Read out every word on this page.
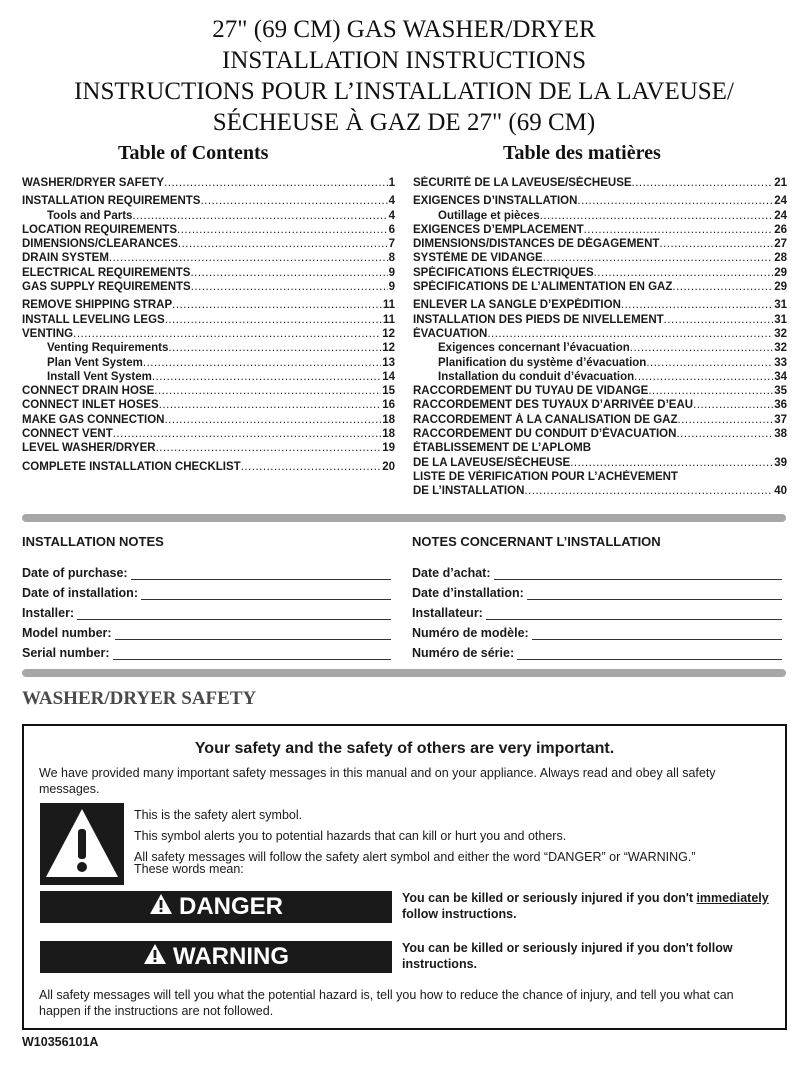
27" (69 CM) GAS WASHER/DRYER
INSTALLATION INSTRUCTIONS
INSTRUCTIONS POUR L’INSTALLATION DE LA LAVEUSE/
SÉCHEUSE À GAZ DE 27" (69 CM)
Table of Contents	Table des matières
WASHER/DRYER SAFETY .....	1
INSTALLATION REQUIREMENTS .....	4
Tools and Parts .....	4
LOCATION REQUIREMENTS .....	6
DIMENSIONS/CLEARANCES .....	7
DRAIN SYSTEM .....	8
ELECTRICAL REQUIREMENTS .....	9
GAS SUPPLY REQUIREMENTS .....	9
REMOVE SHIPPING STRAP .....	11
INSTALL LEVELING LEGS .....	11
VENTING .....	12
Venting Requirements .....	12
Plan Vent System .....	13
Install Vent System .....	14
CONNECT DRAIN HOSE .....	15
CONNECT INLET HOSES .....	16
MAKE GAS CONNECTION .....	18
CONNECT VENT .....	18
LEVEL WASHER/DRYER .....	19
COMPLETE INSTALLATION CHECKLIST .....	20
SÉCURITÉ DE LA LAVEUSE/SÉCHEUSE .....	21
EXIGENCES D’INSTALLATION .....	24
Outillage et pièces .....	24
EXIGENCES D’EMPLACEMENT .....	26
DIMENSIONS/DISTANCES DE DÉGAGEMENT .....	27
SYSTÈME DE VIDANGE .....	28
SPÉCIFICATIONS ÉLECTRIQUES .....	29
SPÉCIFICATIONS DE L’ALIMENTATION EN GAZ .....	29
ENLEVER LA SANGLE D’EXPÉDITION .....	31
INSTALLATION DES PIEDS DE NIVELLEMENT .....	31
ÉVACUATION .....	32
Exigences concernant l’évacuation .....	32
Planification du système d’évacuation .....	33
Installation du conduit d’évacuation .....	34
RACCORDEMENT DU TUYAU DE VIDANGE .....	35
RACCORDEMENT DES TUYAUX D’ARRIVÉE D’EAU .....	36
RACCORDEMENT À LA CANALISATION DE GAZ .....	37
RACCORDEMENT DU CONDUIT D’ÉVACUATION .....	38
ÉTABLISSEMENT DE L’APLOMB
DE LA LAVEUSE/SÉCHEUSE .....	39
LISTE DE VÉRIFICATION POUR L’ACHÈVEMENT
DE L’INSTALLATION .....	40
INSTALLATION NOTES
Date of purchase:
Date of installation:
Installer:
Model number:
Serial number:
NOTES CONCERNANT L’INSTALLATION
Date d’achat:
Date d’installation:
Installateur:
Numéro de modèle:
Numéro de série:
WASHER/DRYER SAFETY
Your safety and the safety of others are very important.
We have provided many important safety messages in this manual and on your appliance. Always read and obey all safety messages.
This is the safety alert symbol.
This symbol alerts you to potential hazards that can kill or hurt you and others.
All safety messages will follow the safety alert symbol and either the word “DANGER” or “WARNING.”
These words mean:
DANGER	You can be killed or seriously injured if you don't immediately follow instructions.
WARNING	You can be killed or seriously injured if you don't follow instructions.
All safety messages will tell you what the potential hazard is, tell you how to reduce the chance of injury, and tell you what can happen if the instructions are not followed.
W10356101A
